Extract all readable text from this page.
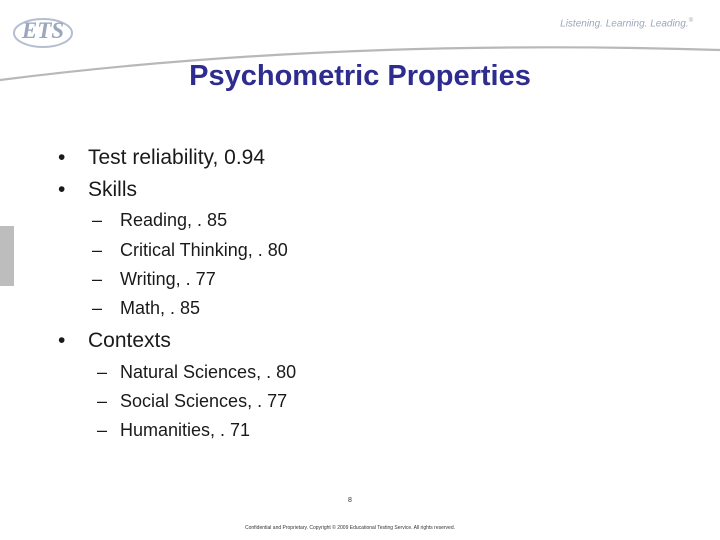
ETS	Listening. Learning. Leading.®
Psychometric Properties
• Test reliability, 0.94
• Skills
– Reading, . 85
– Critical Thinking, . 80
– Writing, . 77
– Math, . 85
• Contexts
– Natural Sciences, . 80
– Social Sciences, . 77
– Humanities, . 71
8
Confidential and Proprietary. Copyright © 2009 Educational Testing Service. All rights reserved.
